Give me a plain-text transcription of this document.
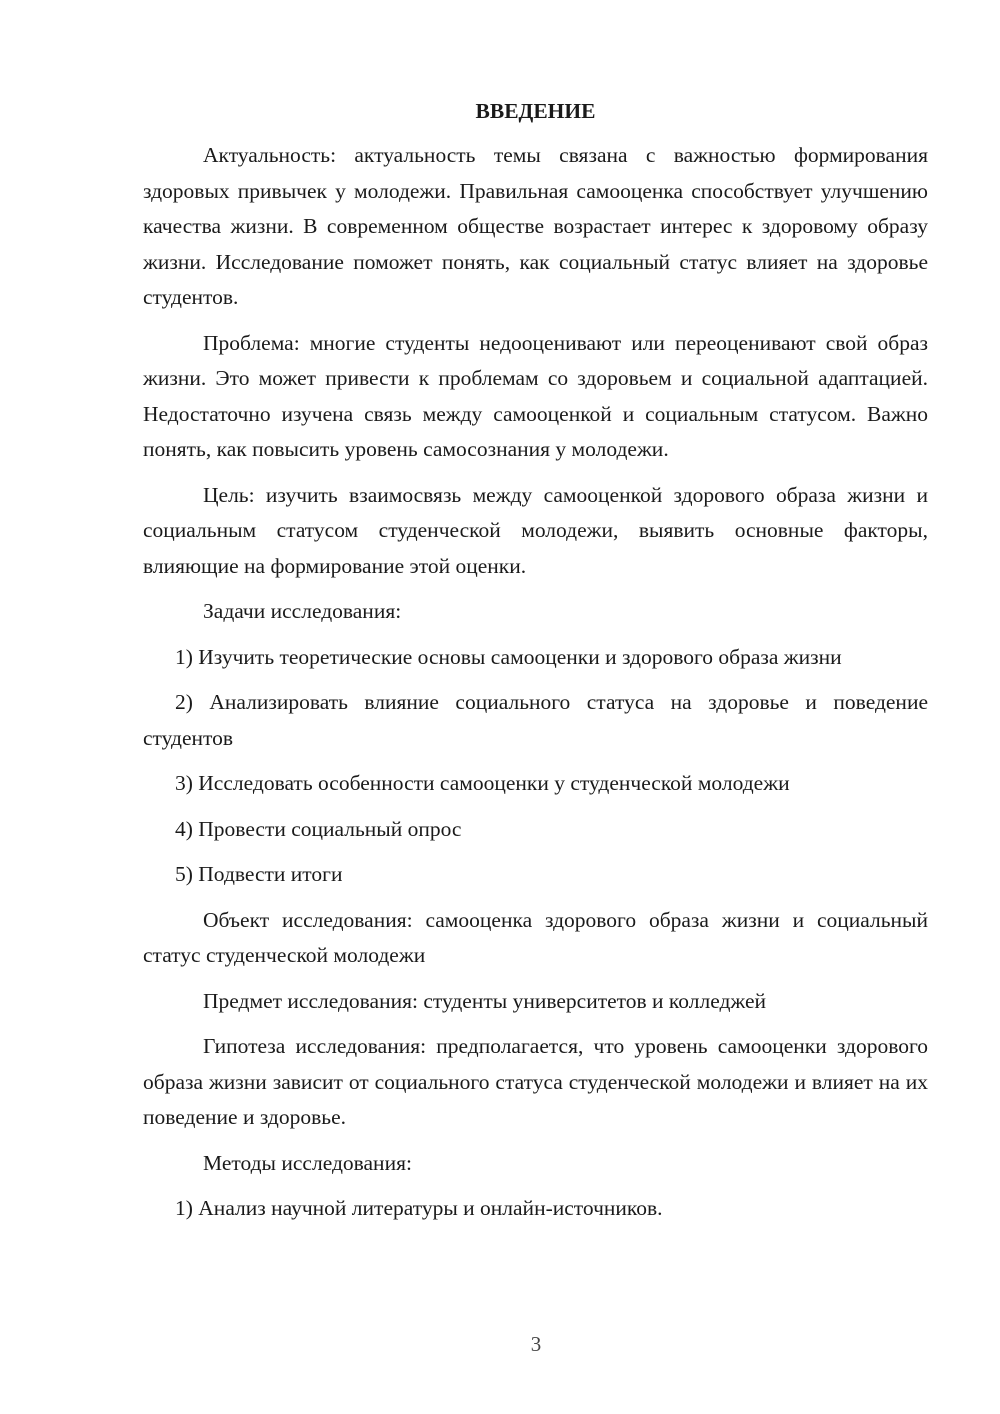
ВВЕДЕНИЕ

Актуальность: актуальность темы связана с важностью формирования здоровых привычек у молодежи. Правильная самооценка способствует улучшению качества жизни. В современном обществе возрастает интерес к здоровому образу жизни. Исследование поможет понять, как социальный статус влияет на здоровье студентов.

Проблема: многие студенты недооценивают или переоценивают свой образ жизни. Это может привести к проблемам со здоровьем и социальной адаптацией. Недостаточно изучена связь между самооценкой и социальным статусом. Важно понять, как повысить уровень самосознания у молодежи.

Цель: изучить взаимосвязь между самооценкой здорового образа жизни и социальным статусом студенческой молодежи, выявить основные факторы, влияющие на формирование этой оценки.

Задачи исследования:

1) Изучить теоретические основы самооценки и здорового образа жизни

2) Анализировать влияние социального статуса на здоровье и поведение студентов

3) Исследовать особенности самооценки у студенческой молодежи

4) Провести социальный опрос

5) Подвести итоги

Объект исследования: самооценка здорового образа жизни и социальный статус студенческой молодежи

Предмет исследования: студенты университетов и колледжей

Гипотеза исследования: предполагается, что уровень самооценки здорового образа жизни зависит от социального статуса студенческой молодежи и влияет на их поведение и здоровье.

Методы исследования:

1) Анализ научной литературы и онлайн-источников.

3
